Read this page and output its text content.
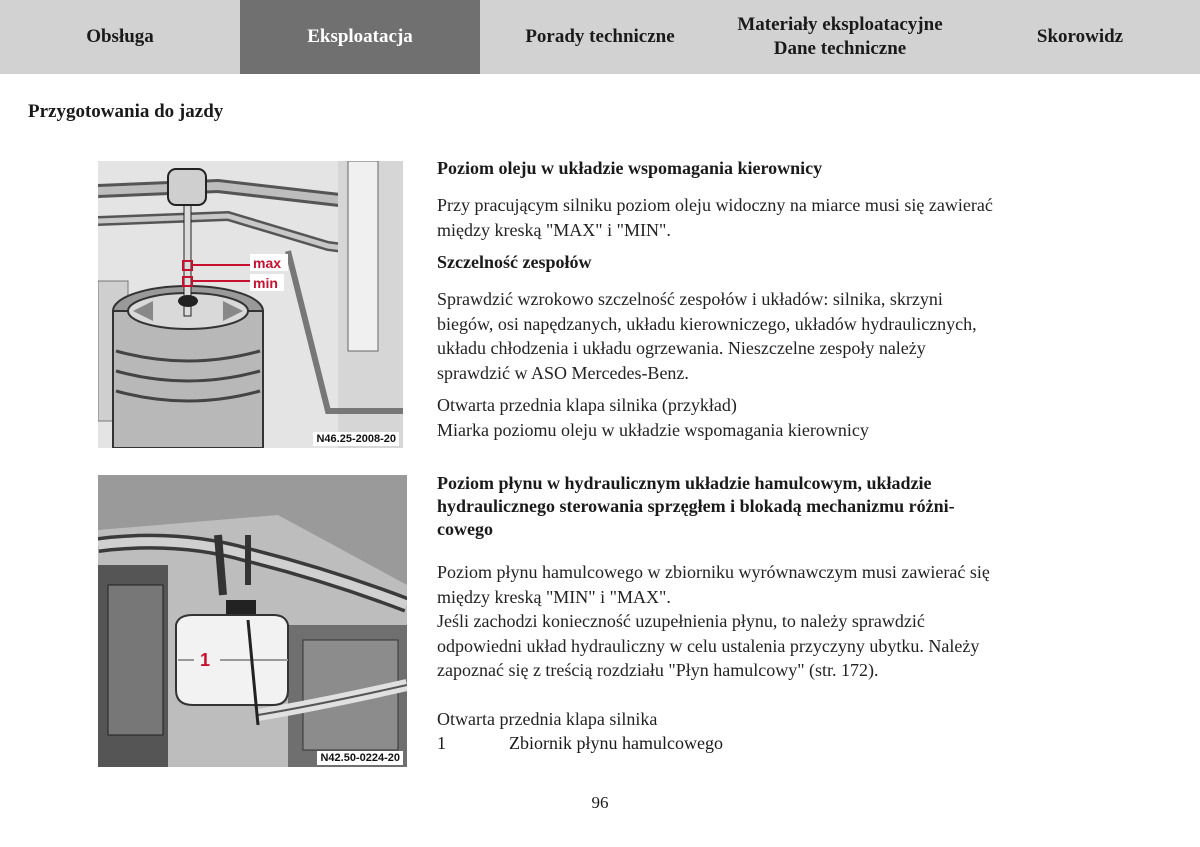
Obsługa	Eksploatacja	Porady techniczne
Materiały eksploatacyjne
Dane techniczne
Skorowidz
Przygotowania do jazdy
max
min
N46.25-2008-20

Poziom oleju w układzie wspomagania kierownicy

Przy pracującym silniku poziom oleju widoczny na miarce musi się zawierać

między kreską "MAX" i "MIN".

Szczelność zespołów

Sprawdzić wzrokowo szczelność zespołów i układów: silnika, skrzyni

biegów, osi napędzanych, układu kierowniczego, układów hydraulicznych,

układu chłodzenia i układu ogrzewania. Nieszczelne zespoły należy

sprawdzić w ASO Mercedes-Benz.

Otwarta przednia klapa silnika (przykład)

Miarka poziomu oleju w układzie wspomagania kierownicy

1
N42.50-0224-20

Poziom płynu w hydraulicznym układzie hamulcowym, układzie

hydraulicznego sterowania sprzęgłem i blokadą mechanizmu różni-

cowego

Poziom płynu hamulcowego w zbiorniku wyrównawczym musi zawierać się

między kreską "MIN" i "MAX".

Jeśli zachodzi konieczność uzupełnienia płynu, to należy sprawdzić

odpowiedni układ hydrauliczny w celu ustalenia przyczyny ubytku. Należy

zapoznać się z treścią rozdziału "Płyn hamulcowy" (str. 172).

Otwarta przednia klapa silnika

1	Zbiornik płynu hamulcowego
96
